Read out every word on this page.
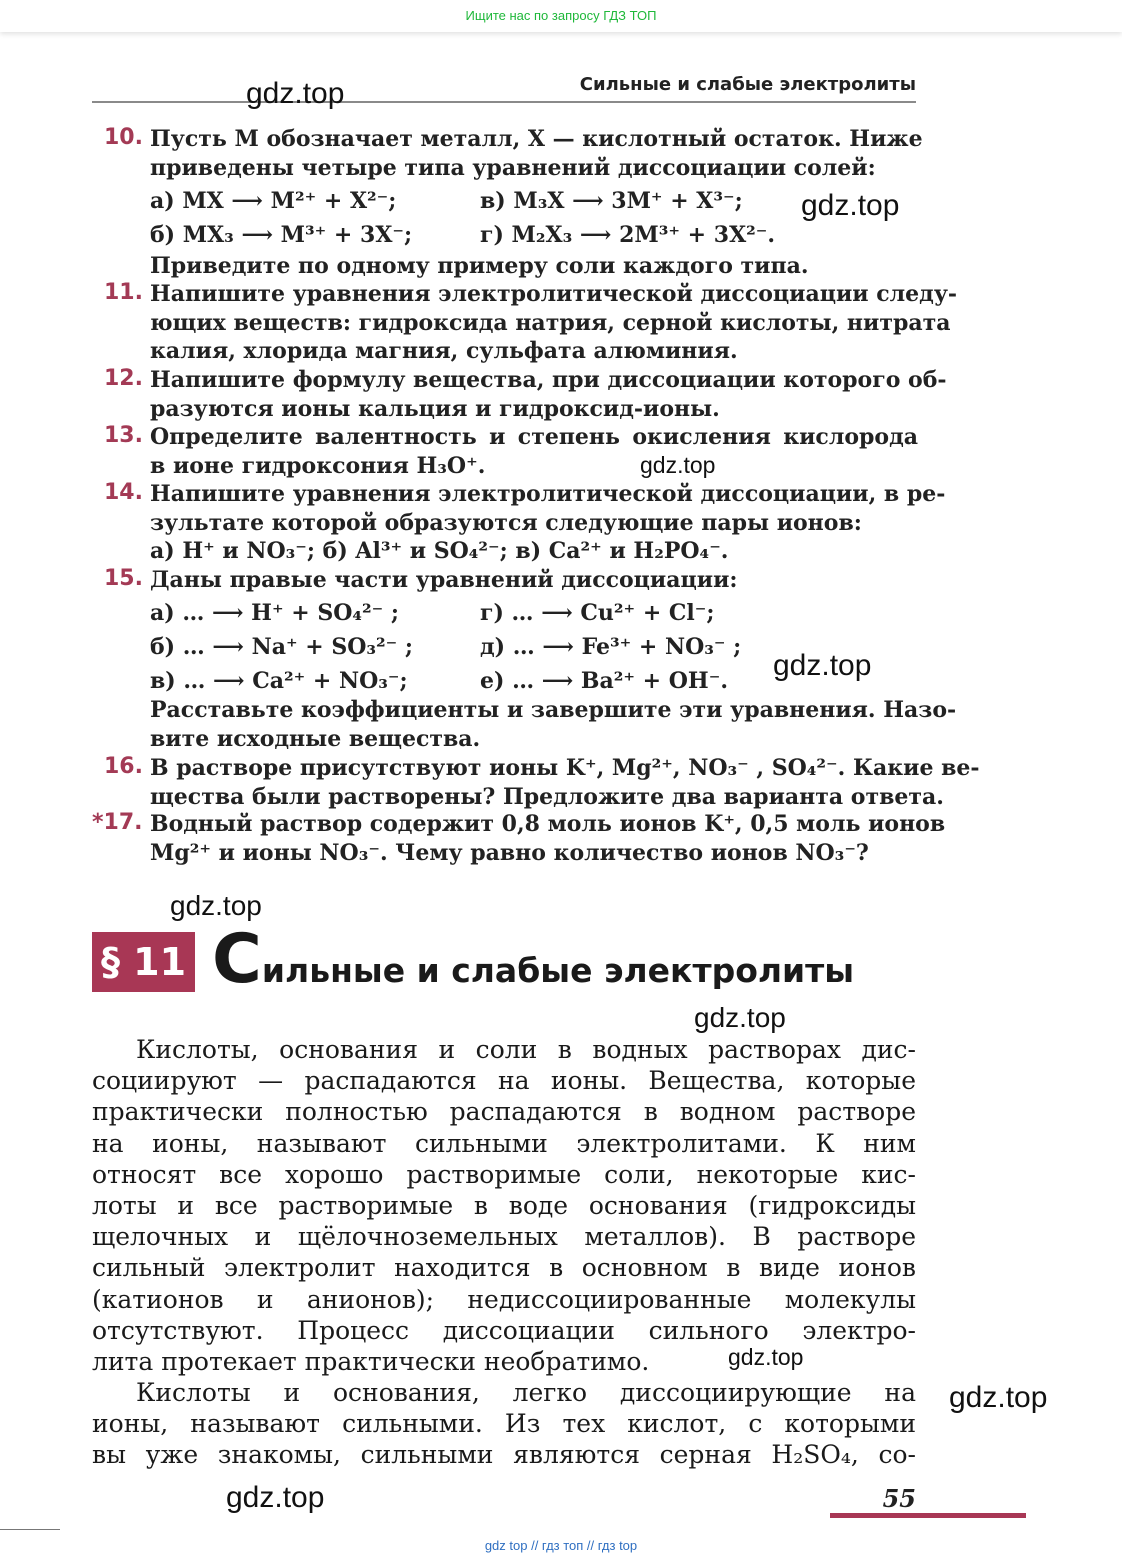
Ищите нас по запросу ГДЗ ТОП
Сильные и слабые электролиты
10. Пусть M обозначает металл, X — кислотный остаток. Ниже
приведены четыре типа уравнений диссоциации солей:
а) MX ⟶ M²⁺ + X²⁻;	в) M₃X ⟶ 3M⁺ + X³⁻;
б) MX₃ ⟶ M³⁺ + 3X⁻;	г) M₂X₃ ⟶ 2M³⁺ + 3X²⁻.
Приведите по одному примеру соли каждого типа.
11. Напишите уравнения электролитической диссоциации следу-
ющих веществ: гидроксида натрия, серной кислоты, нитрата
калия, хлорида магния, сульфата алюминия.
12. Напишите формулу вещества, при диссоциации которого об-
разуются ионы кальция и гидроксид-ионы.
13. Определите валентность и степень окисления кислорода
в ионе гидроксония H₃O⁺.
14. Напишите уравнения электролитической диссоциации, в ре-
зультате которой образуются следующие пары ионов:
а) H⁺ и NO₃⁻; б) Al³⁺ и SO₄²⁻; в) Ca²⁺ и H₂PO₄⁻.
15. Даны правые части уравнений диссоциации:
а) … ⟶ H⁺ + SO₄²⁻ ;	г) … ⟶ Cu²⁺ + Cl⁻;
б) … ⟶ Na⁺ + SO₃²⁻ ;	д) … ⟶ Fe³⁺ + NO₃⁻ ;
в) … ⟶ Ca²⁺ + NO₃⁻;	е) … ⟶ Ba²⁺ + OH⁻.
Расставьте коэффициенты и завершите эти уравнения. Назо-
вите исходные вещества.
16. В растворе присутствуют ионы K⁺, Mg²⁺, NO₃⁻ , SO₄²⁻. Какие ве-
щества были растворены? Предложите два варианта ответа.
*17. Водный раствор содержит 0,8 моль ионов K⁺, 0,5 моль ионов
Mg²⁺ и ионы NO₃⁻. Чему равно количество ионов NO₃⁻?
§ 11 Сильные и слабые электролиты
Кислоты, основания и соли в водных растворах дис-
социируют — распадаются на ионы. Вещества, которые
практически полностью распадаются в водном растворе
на ионы, называют сильными электролитами. К ним
относят все хорошо растворимые соли, некоторые кис-
лоты и все растворимые в воде основания (гидроксиды
щелочных и щёлочноземельных металлов). В растворе
сильный электролит находится в основном в виде ионов
(катионов и анионов); недиссоциированные молекулы
отсутствуют. Процесс диссоциации сильного электро-
лита протекает практически необратимо.
Кислоты и основания, легко диссоциирующие на
ионы, называют сильными. Из тех кислот, с которыми
вы уже знакомы, сильными являются серная H₂SO₄, со-
gdz.top
gdz.top
gdz.top
gdz.top
gdz.top
gdz.top
gdz.top
gdz.top
gdz.top	55
gdz top // гдз топ // гдз top
